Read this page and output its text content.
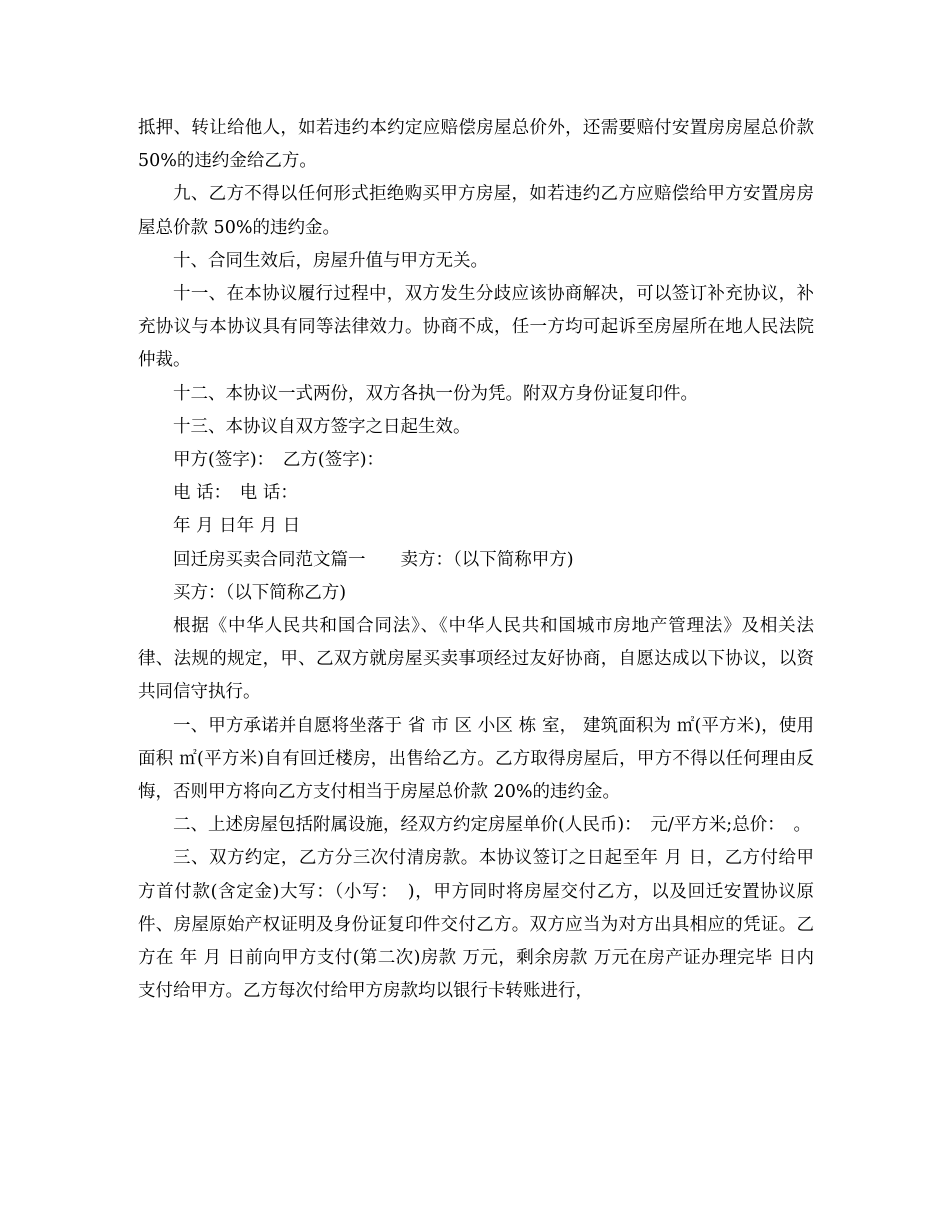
抵押、转让给他人，如若违约本约定应赔偿房屋总价外，还需要赔付安置房房屋总价款 50%的违约金给乙方。

九、乙方不得以任何形式拒绝购买甲方房屋，如若违约乙方应赔偿给甲方安置房房屋总价款 50%的违约金。

十、合同生效后，房屋升值与甲方无关。

十一、在本协议履行过程中，双方发生分歧应该协商解决，可以签订补充协议，补充协议与本协议具有同等法律效力。协商不成，任一方均可起诉至房屋所在地人民法院仲裁。

十二、本协议一式两份，双方各执一份为凭。附双方身份证复印件。

十三、本协议自双方签字之日起生效。

甲方(签字)：　乙方(签字)：

电 话：　电 话：

年 月 日年 月 日

回迁房买卖合同范文篇一　　卖方：（以下简称甲方)

买方：（以下简称乙方)

根据《中华人民共和国合同法》、《中华人民共和国城市房地产管理法》及相关法律、法规的规定，甲、乙双方就房屋买卖事项经过友好协商，自愿达成以下协议，以资共同信守执行。

一、甲方承诺并自愿将坐落于 省 市 区 小区 栋 室， 建筑面积为 ㎡(平方米)，使用面积 ㎡(平方米)自有回迁楼房，出售给乙方。乙方取得房屋后，甲方不得以任何理由反悔，否则甲方将向乙方支付相当于房屋总价款 20%的违约金。

二、上述房屋包括附属设施，经双方约定房屋单价(人民币)：　元/平方米;总价：　。

三、双方约定，乙方分三次付清房款。本协议签订之日起至年 月 日，乙方付给甲方首付款(含定金)大写：（小写：　)，甲方同时将房屋交付乙方，以及回迁安置协议原件、房屋原始产权证明及身份证复印件交付乙方。双方应当为对方出具相应的凭证。乙方在 年 月 日前向甲方支付(第二次)房款 万元，剩余房款 万元在房产证办理完毕 日内支付给甲方。乙方每次付给甲方房款均以银行卡转账进行，
